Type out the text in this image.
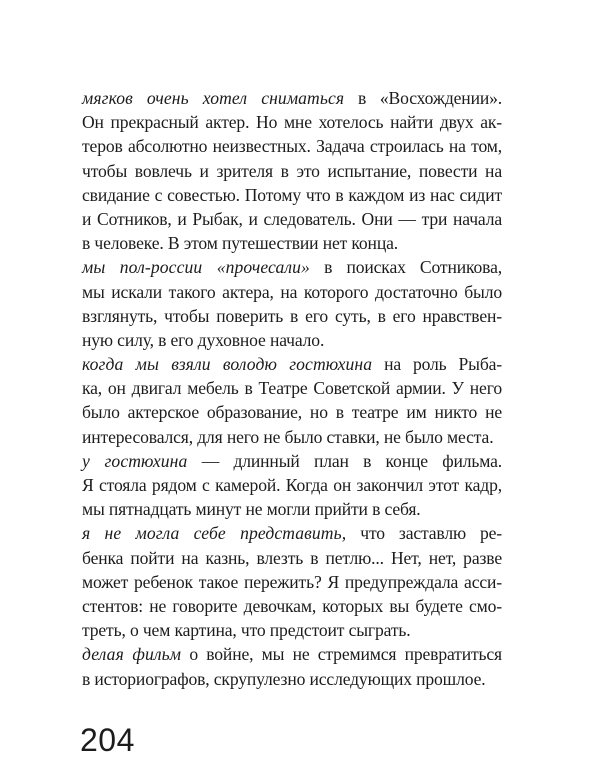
мягков очень хотел сниматься в «Восхождении».
Он прекрасный актер. Но мне хотелось найти двух ак-
теров абсолютно неизвестных. Задача строилась на том,
чтобы вовлечь и зрителя в это испытание, повести на
свидание с совестью. Потому что в каждом из нас сидит
и Сотников, и Рыбак, и следователь. Они — три начала
в человеке. В этом путешествии нет конца.
мы пол-россии «прочесали» в поисках Сотникова,
мы искали такого актера, на которого достаточно было
взглянуть, чтобы поверить в его суть, в его нравствен-
ную силу, в его духовное начало.
когда мы взяли володю гостюхина на роль Рыба-
ка, он двигал мебель в Театре Советской армии. У него
было актерское образование, но в театре им никто не
интересовался, для него не было ставки, не было места.
у гостюхина — длинный план в конце фильма.
Я стояла рядом с камерой. Когда он закончил этот кадр,
мы пятнадцать минут не могли прийти в себя.
я не могла себе представить, что заставлю ре-
бенка пойти на казнь, влезть в петлю... Нет, нет, разве
может ребенок такое пережить? Я предупреждала асси-
стентов: не говорите девочкам, которых вы будете смо-
треть, о чем картина, что предстоит сыграть.
делая фильм о войне, мы не стремимся превратиться
в историографов, скрупулезно исследующих прошлое.
204
